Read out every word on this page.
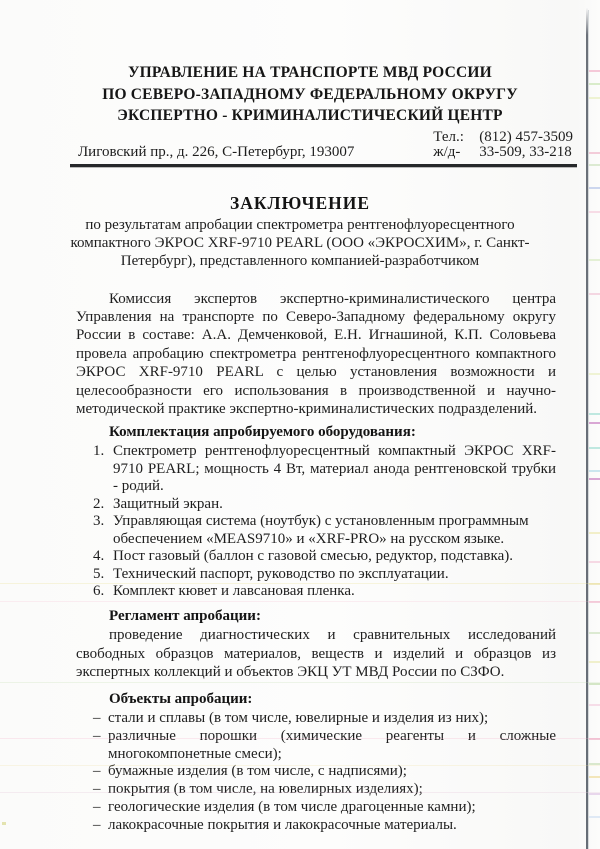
УПРАВЛЕНИЕ НА ТРАНСПОРТЕ МВД РОССИИ
ПО СЕВЕРО-ЗАПАДНОМУ ФЕДЕРАЛЬНОМУ ОКРУГУ
ЭКСПЕРТНО - КРИМИНАЛИСТИЧЕСКИЙ ЦЕНТР
Тел.:	(812) 457-3509
ж/д-	33-509, 33-218
Лиговский пр., д. 226, С-Петербург, 193007
ЗАКЛЮЧЕНИЕ
по результатам апробации спектрометра рентгенофлуоресцентного
компактного ЭКРОС XRF-9710 PEARL (ООО «ЭКРОСХИМ», г. Санкт-
Петербург), представленного компанией-разработчиком

Комиссия экспертов экспертно-криминалистического центра Управления на транспорте по Северо-Западному федеральному округу России в составе: А.А. Демченковой, Е.Н. Игнашиной, К.П. Соловьева провела апробацию спектрометра рентгенофлуоресцентного компактного ЭКРОС XRF-9710 PEARL с целью установления возможности и целесообразности его использования в производственной и научно-методической практике экспертно-криминалистических подразделений.

Комплектация апробируемого оборудования:
1. Спектрометр рентгенофлуоресцентный компактный ЭКРОС XRF-9710 PEARL; мощность 4 Вт, материал анода рентгеновской трубки - родий.
2. Защитный экран.
3. Управляющая система (ноутбук) с установленным программным обеспечением «MEAS9710» и «XRF-PRO» на русском языке.
4. Пост газовый (баллон с газовой смесью, редуктор, подставка).
5. Технический паспорт, руководство по эксплуатации.
6. Комплект кювет и лавсановая пленка.
Регламент апробации:

проведение диагностических и сравнительных исследований свободных образцов материалов, веществ и изделий и образцов из экспертных коллекций и объектов ЭКЦ УТ МВД России по СЗФО.

Объекты апробации:
– стали и сплавы (в том числе, ювелирные и изделия из них);
– различные порошки (химические реагенты и сложные многокомпонетные смеси);
– бумажные изделия (в том числе, с надписями);
– покрытия (в том числе, на ювелирных изделиях);
– геологические изделия (в том числе драгоценные камни);
– лакокрасочные покрытия и лакокрасочные материалы.
